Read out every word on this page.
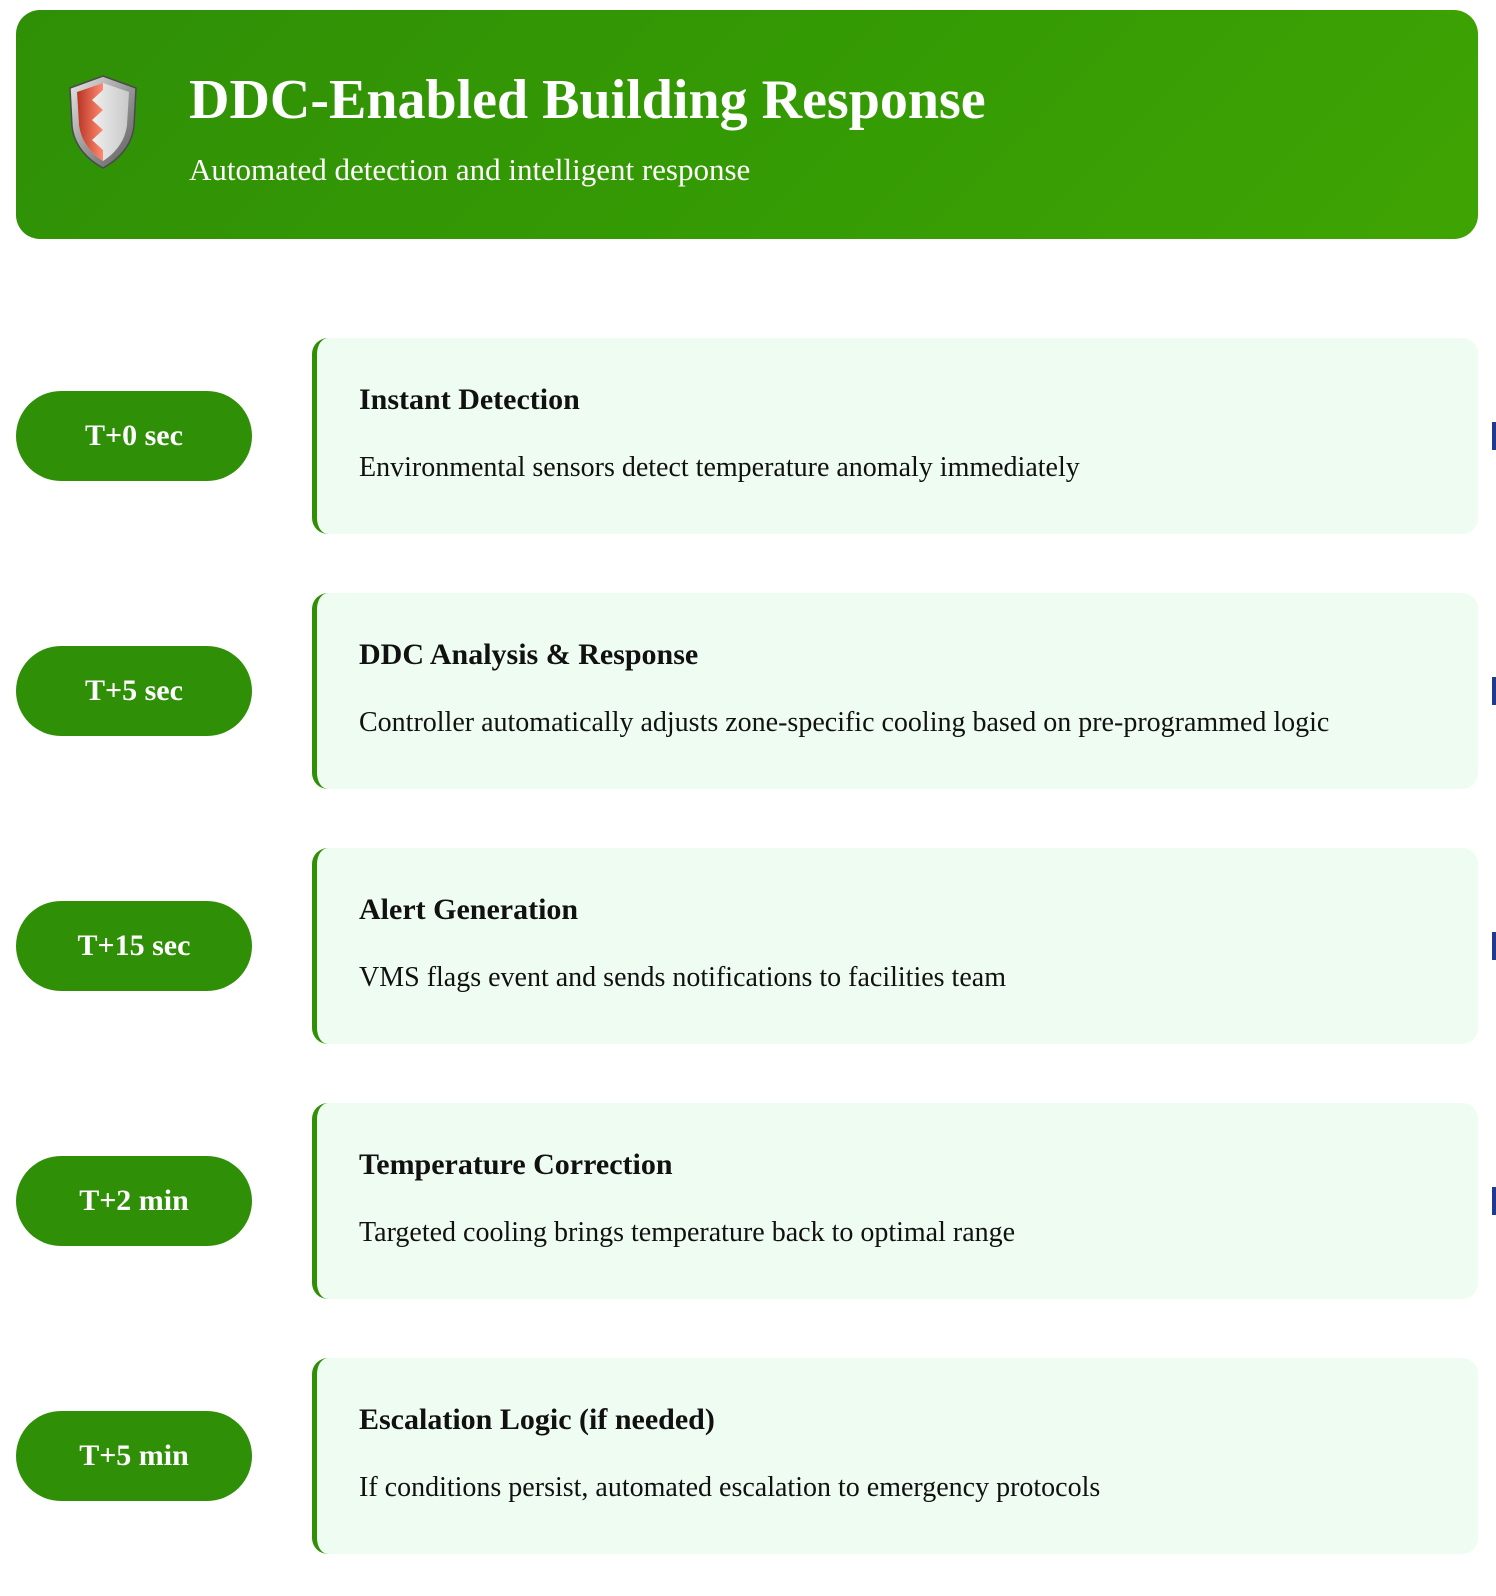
DDC-Enabled Building Response

Automated detection and intelligent response

T+0 sec
Instant Detection

Environmental sensors detect temperature anomaly immediately

T+5 sec
DDC Analysis & Response

Controller automatically adjusts zone-specific cooling based on pre-programmed logic

T+15 sec
Alert Generation

VMS flags event and sends notifications to facilities team

T+2 min
Temperature Correction

Targeted cooling brings temperature back to optimal range

T+5 min
Escalation Logic (if needed)

If conditions persist, automated escalation to emergency protocols
